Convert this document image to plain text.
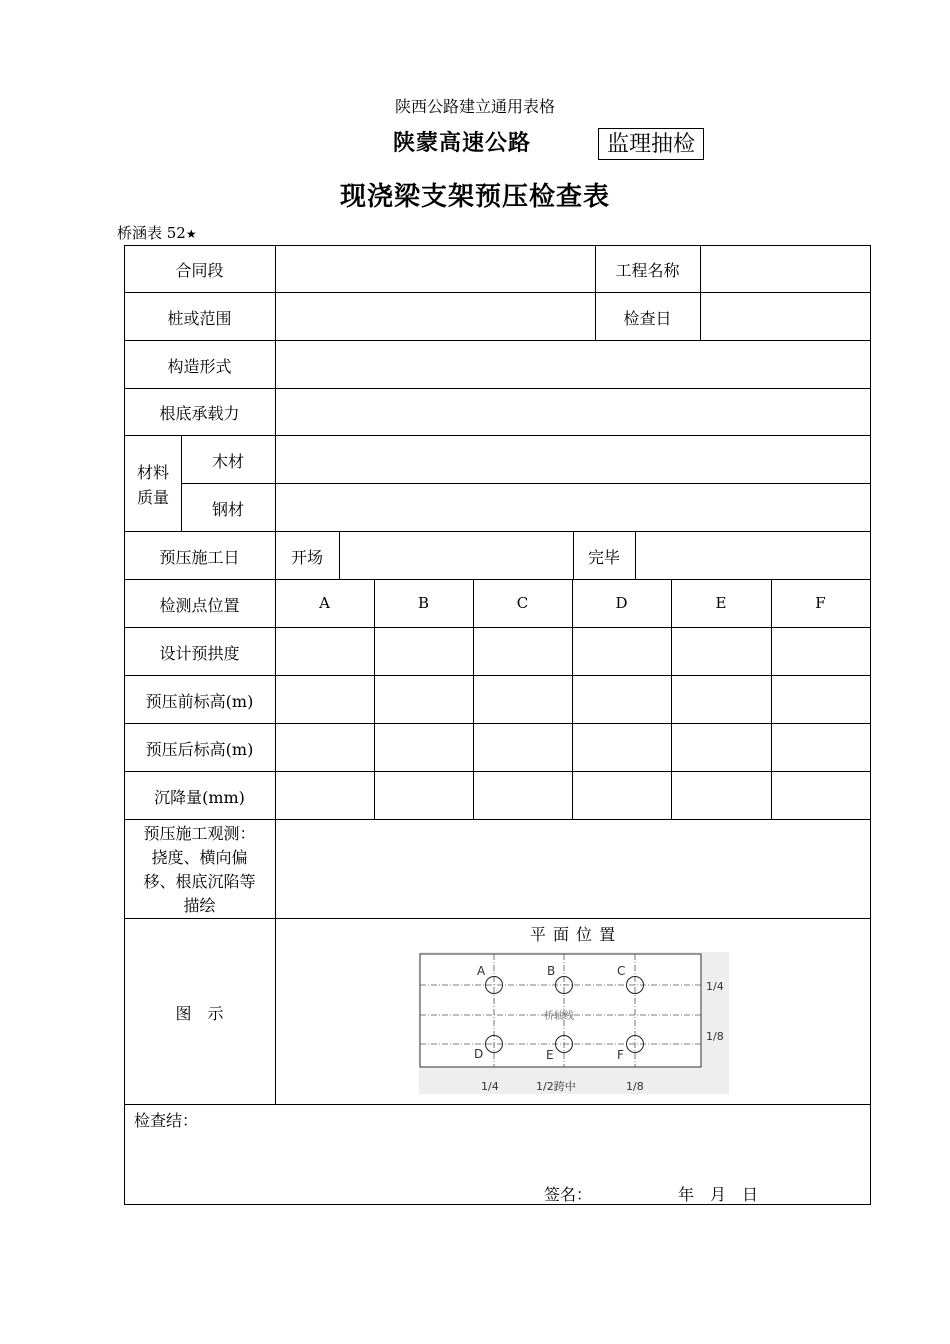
陕西公路建立通用表格
陕蒙高速公路	监理抽检
现浇梁支架预压检查表
桥涵表 52★
合同段	工程名称
桩或范围	检查日
构造形式
根底承载力
材料质量
木材
钢材
预压施工日	开场	完毕
检测点位置	A	B	C	D	E	F
设计预拱度
预压前标高(m)
预压后标高(m)
沉降量(mm)
预压施工观测：
挠度、横向偏
移、根底沉陷等
描绘
图　示
平 面 位 置
检查结：
签名：	年　月　日
A	B	C
D	E	F
桥轴线
1/4
1/8
1/4	1/2跨中	1/8
